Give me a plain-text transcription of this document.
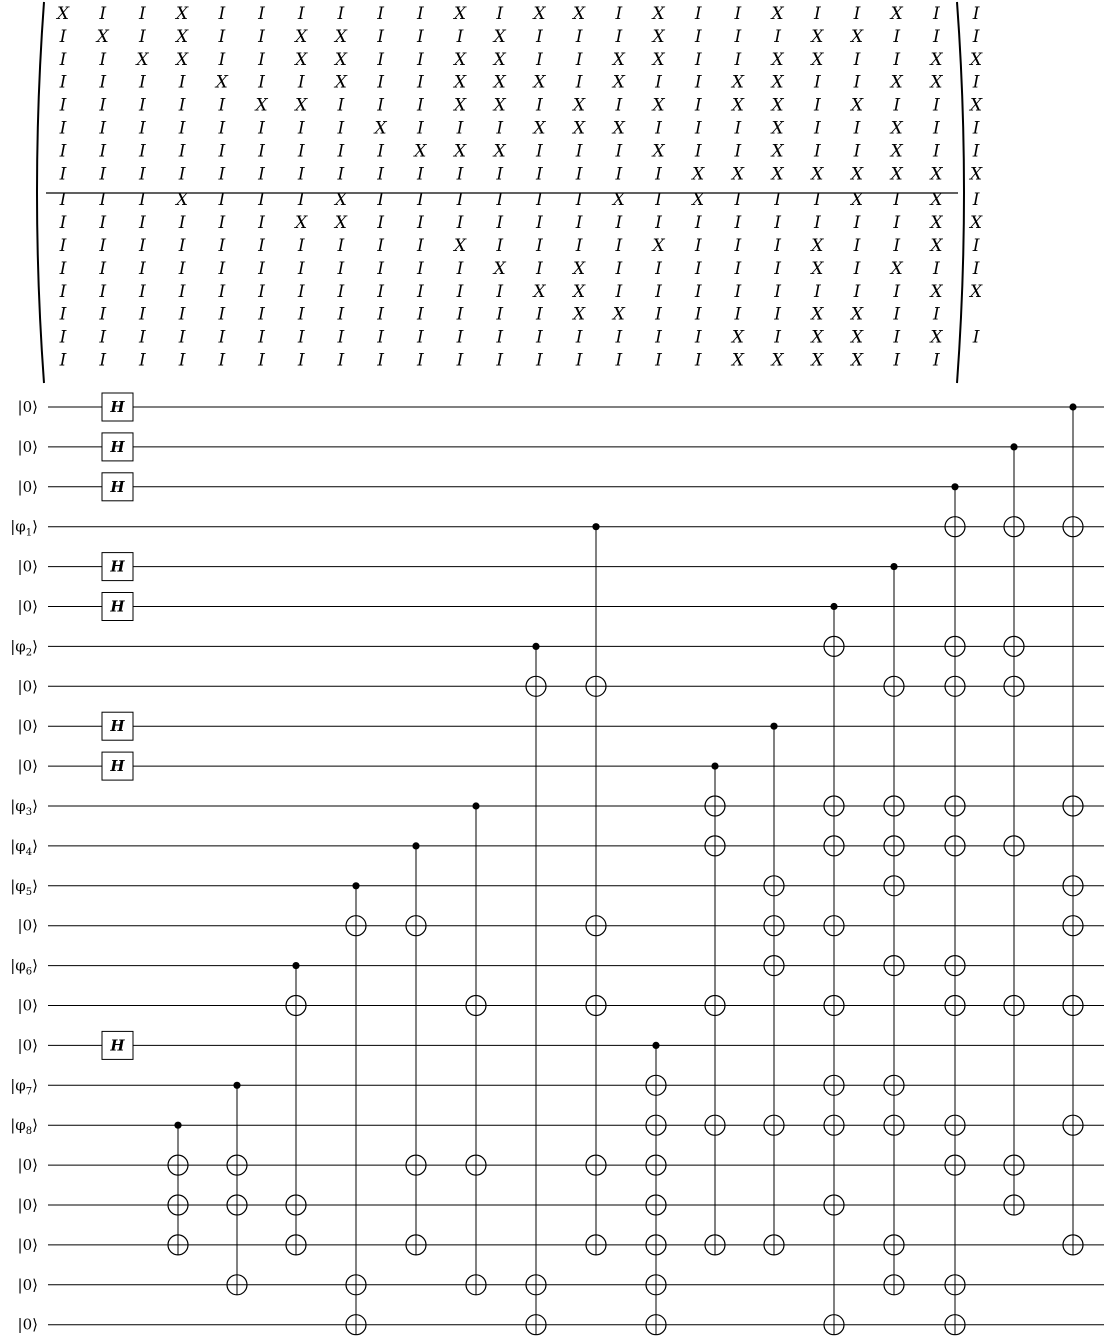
X I I X I I I I I I X I X X I X I I X I I X I I
I X I X I I X X I I I X I I I X I I I X X I I I
I I X X I I X X I I X X I I X X I I X X I I X X
I I I I X I I X I I X X X I X I I X X I I X X I
I I I I I X X I I I X X I X I X I X X I X I I X
I I I I I I I I X I I I X X X I I I X I I X I I
I I I I I I I I I X X X I I I X I I X I I X I I
I I I I I I I I I I I I I I I I X X X X X X X X
I I I X I I I X I I I I I I X I X I I I X I X I
I I I I I I X X I I I I I I I I I I I I I I X X
I I I I I I I I I I X I I I I X I I I X I I X I
I I I I I I I I I I I X I X I I I I I X I X I I
I I I I I I I I I I I I X X I I I I I I I I X X
I I I I I I I I I I I I I X X I I I I X X I I
I I I I I I I I I I I I I I I I I X I X X I X I
I I I I I I I I I I I I I I I I I X X X X I I
|0⟩
|0⟩
|0⟩
$|\varphi_1⟩$
|0⟩
|0⟩
$|\varphi_2⟩$
|0⟩
|0⟩
|0⟩
$|\varphi_3⟩$
$|\varphi_4⟩$
$|\varphi_5⟩$
|0⟩
$|\varphi_6⟩$
|0⟩
|0⟩
$|\varphi_7⟩$
$|\varphi_8⟩$
|0⟩
|0⟩
|0⟩
|0⟩
|0⟩
H
H
H
H
H
H
H
H
